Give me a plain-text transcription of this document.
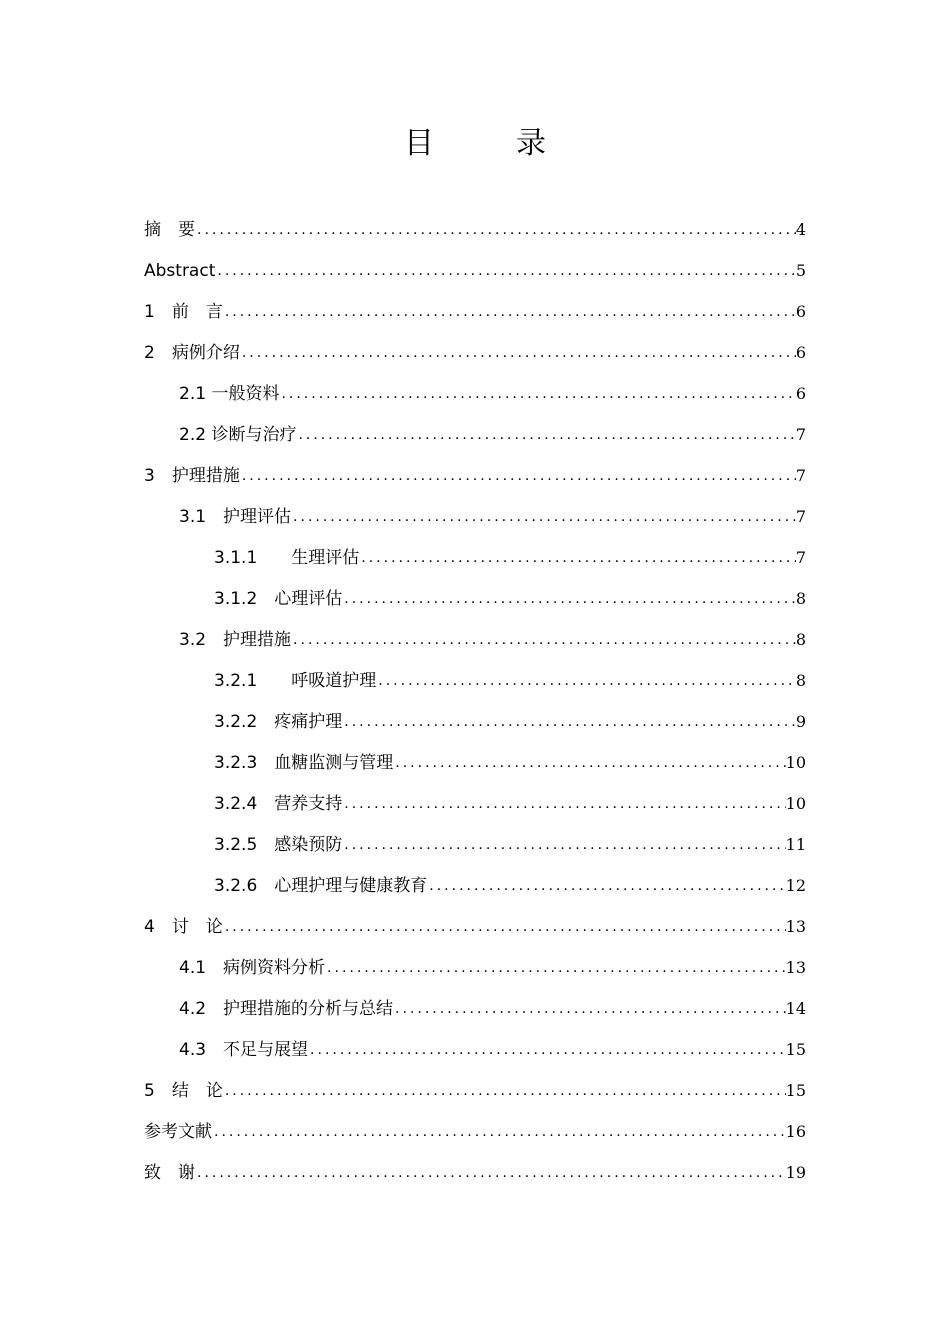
目　录
摘　要 .....	4
Abstract .....	5
1　前　言 .....	6
2　病例介绍 .....	6
2.1 一般资料 .....	6
2.2 诊断与治疗 .....	7
3　护理措施 .....	7
3.1　护理评估 .....	7
3.1.1　　生理评估 .....	7
3.1.2　心理评估 .....	8
3.2　护理措施 .....	8
3.2.1　　呼吸道护理 .....	8
3.2.2　疼痛护理 .....	9
3.2.3　血糖监测与管理 .....	10
3.2.4　营养支持 .....	10
3.2.5　感染预防 .....	11
3.2.6　心理护理与健康教育 .....	12
4　讨　论 .....	13
4.1　病例资料分析 .....	13
4.2　护理措施的分析与总结 .....	14
4.3　不足与展望 .....	15
5　结　论 .....	15
参考文献 .....	16
致　谢 .....	19
